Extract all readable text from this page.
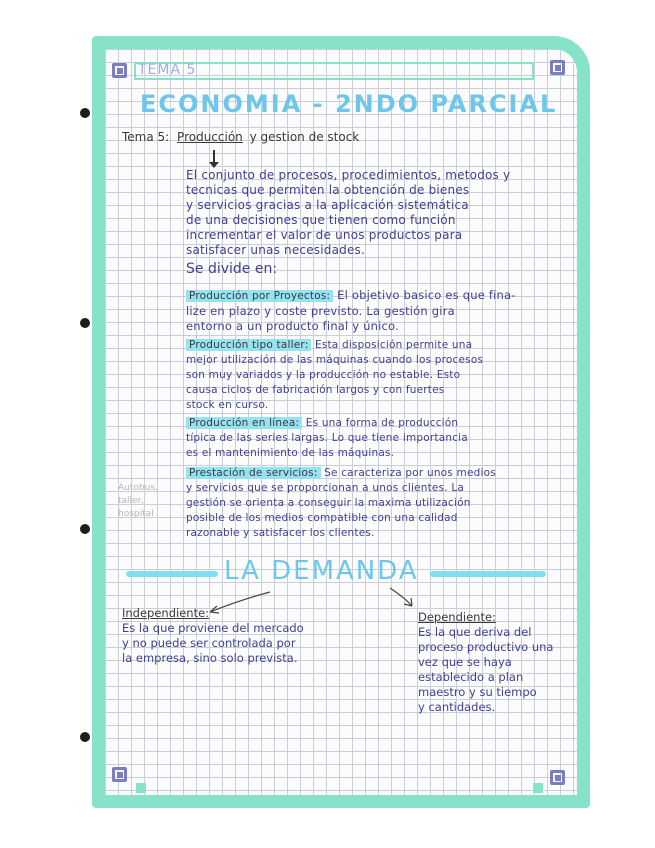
TEMA 5
ECONOMIA - 2NDO PARCIAL
Tema 5: Producción y gestion de stock
El conjunto de procesos, procedimientos, metodos y
tecnicas que permiten la obtención de bienes
y servicios gracias a la aplicación sistemática
de una decisiones que tienen como función
incrementar el valor de unos productos para
satisfacer unas necesidades.
Se divide en:
Producción por Proyectos: El objetivo basico es que fina-
lize en plazo y coste previsto. La gestión gira
entorno a un producto final y único.
Producción tipo taller: Esta disposición permite una
mejor utilización de las máquinas cuando los procesos
son muy variados y la producción no estable. Esto
causa ciclos de fabricación largos y con fuertes
stock en curso.
Producción en línea: Es una forma de producción
típica de las series largas. Lo que tiene importancia
es el mantenimiento de las máquinas.
Prestación de servicios: Se caracteriza por unos medios
y servicios que se proporcionan a unos clientes. La
gestión se orienta a conseguir la maxima utilización
posible de los medios compatible con una calidad
razonable y satisfacer los clientes.
Autobus,
taller,
hospital
LA DEMANDA
Independiente:
Es la que proviene del mercado
y no puede ser controlada por
la empresa, sino solo prevista.
Dependiente:
Es la que deriva del
proceso productivo una
vez que se haya
establecido a plan
maestro y su tiempo
y cantidades.
